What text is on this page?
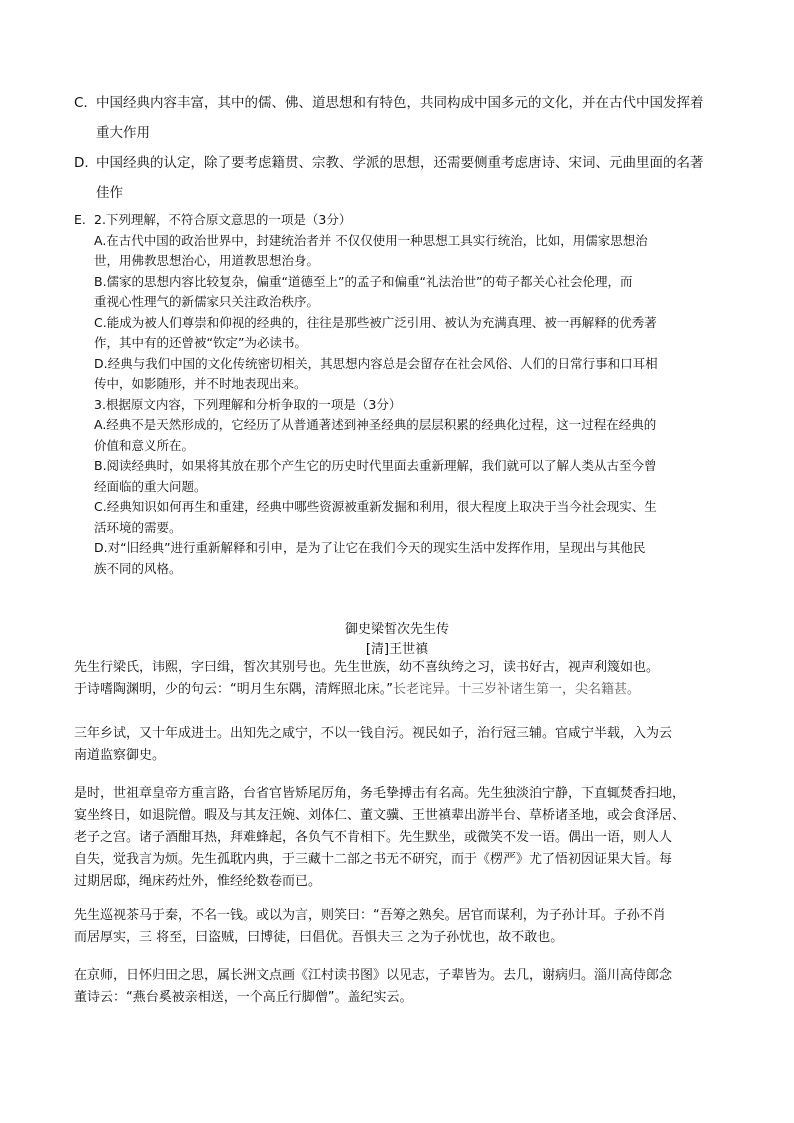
C. 中国经典内容丰富，其中的儒、佛、道思想和有特色，共同构成中国多元的文化，并在古代中国发挥着
重大作用
D. 中国经典的认定，除了要考虑籍贯、宗教、学派的思想，还需要侧重考虑唐诗、宋词、元曲里面的名著
佳作
E. 2.下列理解，不符合原文意思的一项是（3分）
A.在古代中国的政治世界中，封建统治者并 不仅仅使用一种思想工具实行统治，比如，用儒家思想治
世，用佛教思想治心，用道教思想治身。
B.儒家的思想内容比较复杂，偏重“道德至上”的孟子和偏重“礼法治世”的荀子都关心社会伦理，而
重视心性理气的新儒家只关注政治秩序。
C.能成为被人们尊崇和仰视的经典的，往往是那些被广泛引用、被认为充满真理、被一再解释的优秀著
作，其中有的还曾被“钦定”为必读书。
D.经典与我们中国的文化传统密切相关，其思想内容总是会留存在社会风俗、人们的日常行事和口耳相
传中，如影随形，并不时地表现出来。
3.根据原文内容，下列理解和分析争取的一项是（3分）
A.经典不是天然形成的，它经历了从普通著述到神圣经典的层层积累的经典化过程，这一过程在经典的
价值和意义所在。
B.阅读经典时，如果将其放在那个产生它的历史时代里面去重新理解，我们就可以了解人类从古至今曾
经面临的重大问题。
C.经典知识如何再生和重建，经典中哪些资源被重新发掘和利用，很大程度上取决于当今社会现实、生
活环境的需要。
D.对“旧经典”进行重新解释和引申，是为了让它在我们今天的现实生活中发挥作用，呈现出与其他民
族不同的风格。
御史梁皙次先生传
[清]王世禛
先生行梁氏，讳熙，字曰缉，皙次其别号也。先生世族，幼不喜纨绔之习，读书好古，视声利篾如也。
于诗嗜陶渊明，少的句云：“明月生东隅，清辉照北床。”长老诧异。十三岁补诸生第一，尖名籍甚。
三年乡试，又十年成进士。出知先之咸宁，不以一钱自污。视民如子，治行冠三辅。官咸宁半载，入为云
南道监察御史。
是时，世祖章皇帝方重言路，台省官皆矫尾厉角，务毛挚搏击有名高。先生独淡泊宁静，下直辄焚香扫地，
宴坐终日，如退院僧。暇及与其友汪婉、刘体仁、董文骥、王世禛辈出游半台、草桥诸圣地，或会食泽居、
老子之宫。诸子酒酣耳热，拜难蜂起，各负气不肯相下。先生默坐，或微笑不发一语。偶出一语，则人人
自失，觉我言为烦。先生孤耽内典，于三藏十二部之书无不研究，而于《楞严》尤了悟初因证果大旨。每
过期居邸，绳床药灶外，惟经纶数卷而已。
先生巡视茶马于秦，不名一钱。或以为言，则笑曰：“吾筹之熟矣。居官而谋利，为子孙计耳。子孙不肖
而居厚实，三 将至，曰盗贼，曰博徒，曰倡优。吾惧夫三 之为子孙忧也，故不敢也。
在京师，日怀归田之思，属长洲文点画《江村读书图》以见志，子辈皆为。去几，谢病归。淄川高侍郎念
董诗云：“燕台奚被亲相送，一个高丘行脚僧”。盖纪实云。
